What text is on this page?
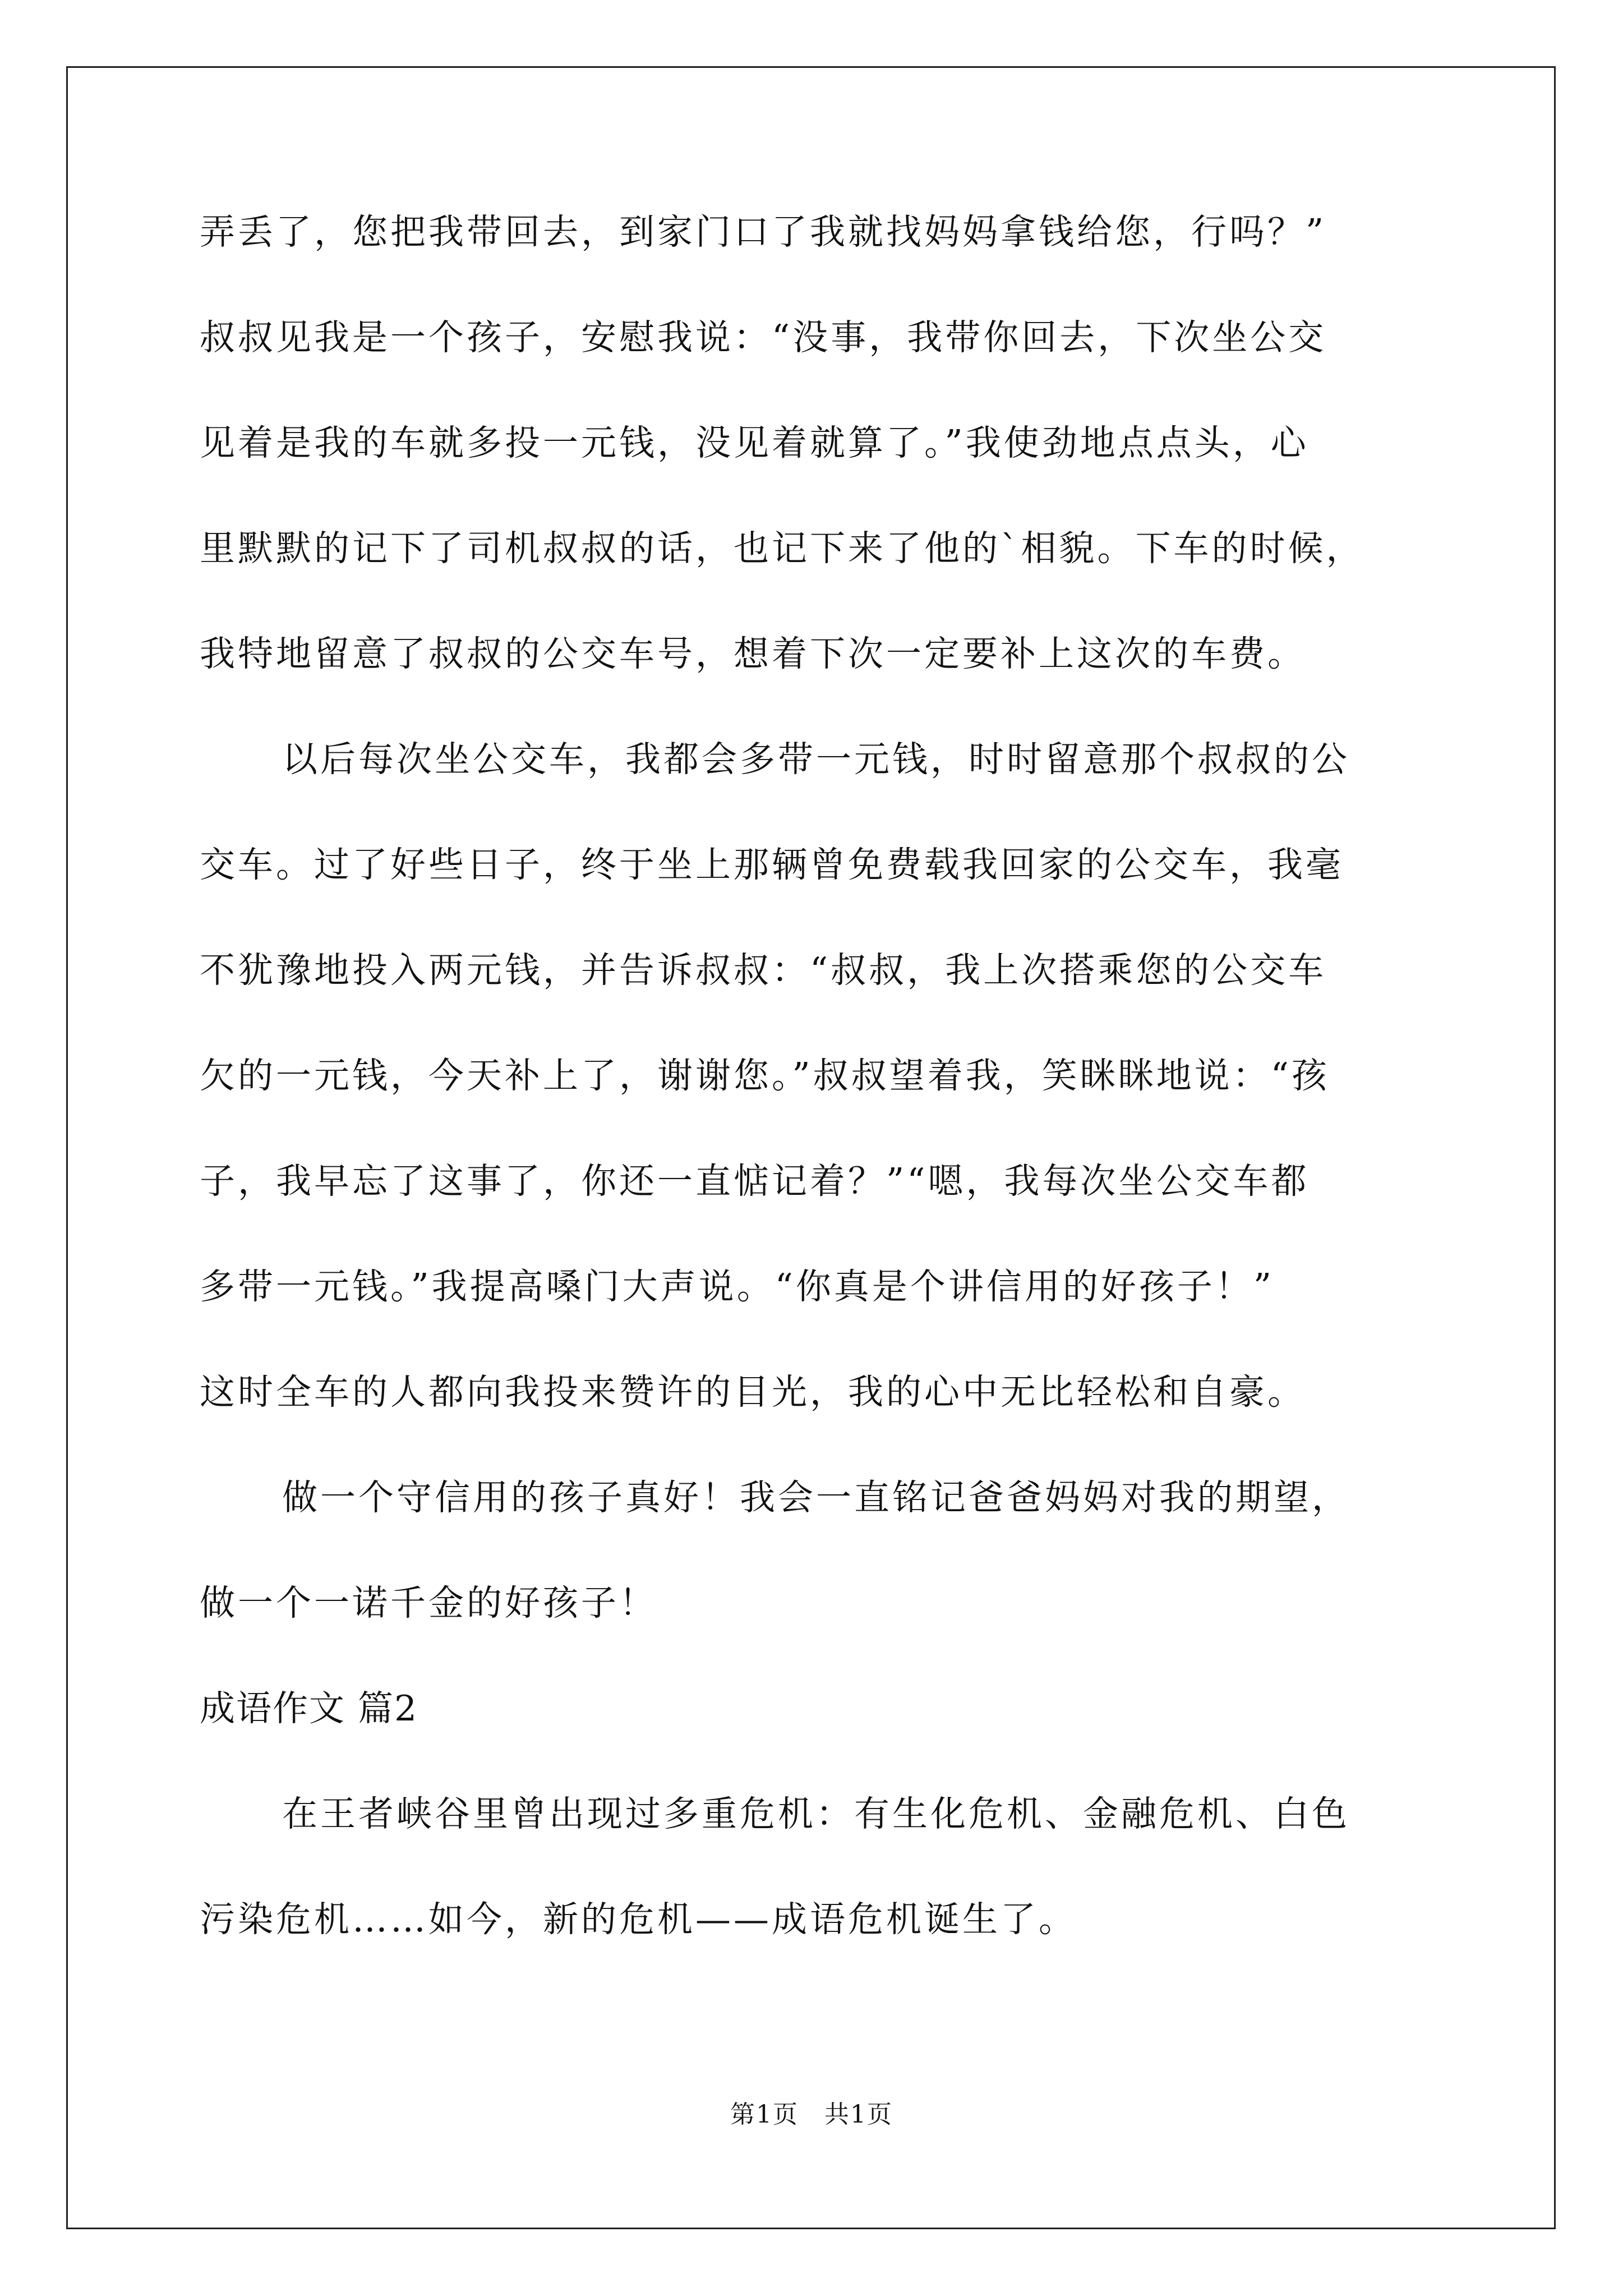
弄丢了，您把我带回去，到家门口了我就找妈妈拿钱给您，行吗？”

叔叔见我是一个孩子，安慰我说：“没事，我带你回去，下次坐公交

见着是我的车就多投一元钱，没见着就算了。”我使劲地点点头，心

里默默的记下了司机叔叔的话，也记下来了他的`相貌。下车的时候，

我特地留意了叔叔的公交车号，想着下次一定要补上这次的车费。

以后每次坐公交车，我都会多带一元钱，时时留意那个叔叔的公

交车。过了好些日子，终于坐上那辆曾免费载我回家的公交车，我毫

不犹豫地投入两元钱，并告诉叔叔：“叔叔，我上次搭乘您的公交车

欠的一元钱，今天补上了，谢谢您。”叔叔望着我，笑眯眯地说：“孩

子，我早忘了这事了，你还一直惦记着？”“嗯，我每次坐公交车都

多带一元钱。”我提高嗓门大声说。“你真是个讲信用的好孩子！”

这时全车的人都向我投来赞许的目光，我的心中无比轻松和自豪。

做一个守信用的孩子真好！我会一直铭记爸爸妈妈对我的期望，

做一个一诺千金的好孩子！

成语作文 篇2

在王者峡谷里曾出现过多重危机：有生化危机、金融危机、白色

污染危机……如今，新的危机——成语危机诞生了。

第1页　共1页
